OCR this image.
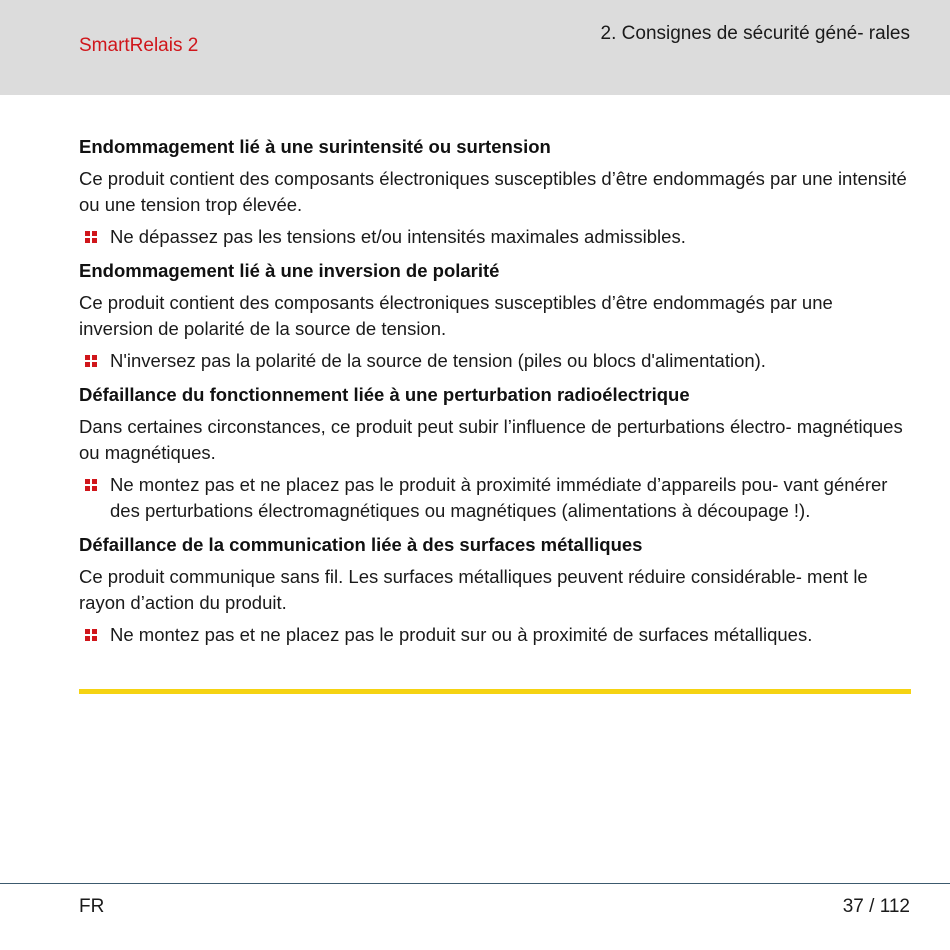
SmartRelais 2
2. Consignes de sécurité géné- rales
Endommagement lié à une surintensité ou surtension
Ce produit contient des composants électroniques susceptibles d’être endommagés par une intensité ou une tension trop élevée.
Ne dépassez pas les tensions et/ou intensités maximales admissibles.
Endommagement lié à une inversion de polarité
Ce produit contient des composants électroniques susceptibles d’être endommagés par une inversion de polarité de la source de tension.
N'inversez pas la polarité de la source de tension (piles ou blocs d'alimentation).
Défaillance du fonctionnement liée à une perturbation radioélectrique
Dans certaines circonstances, ce produit peut subir l’influence de perturbations électro- magnétiques ou magnétiques.
Ne montez pas et ne placez pas le produit à proximité immédiate d’appareils pou- vant générer des perturbations électromagnétiques ou magnétiques (alimentations à découpage !).
Défaillance de la communication liée à des surfaces métalliques
Ce produit communique sans fil. Les surfaces métalliques peuvent réduire considérable- ment le rayon d’action du produit.
Ne montez pas et ne placez pas le produit sur ou à proximité de surfaces métalliques.
FR	37 / 112
